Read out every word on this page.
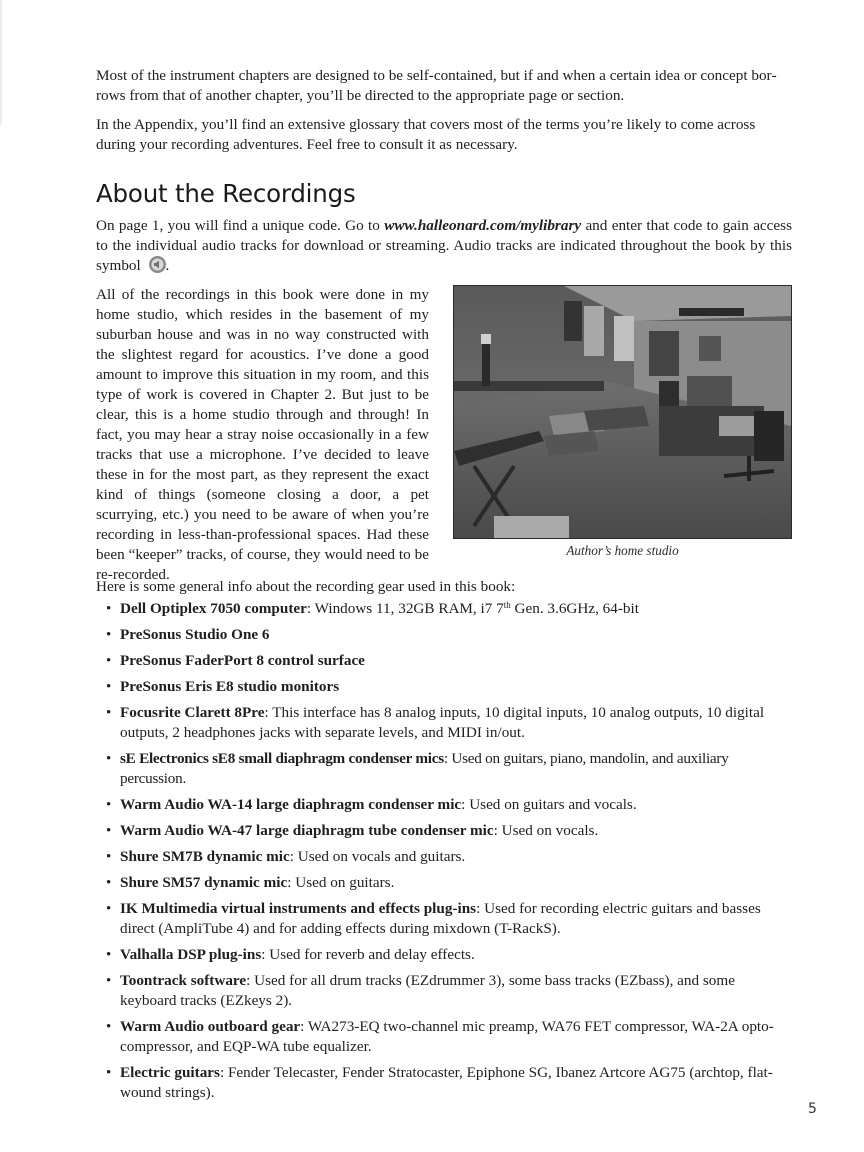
Most of the instrument chapters are designed to be self-contained, but if and when a certain idea or concept borrows from that of another chapter, you’ll be directed to the appropriate page or section.

In the Appendix, you’ll find an extensive glossary that covers most of the terms you’re likely to come across during your recording adventures. Feel free to consult it as necessary.

About the Recordings

On page 1, you will find a unique code. Go to www.halleonard.com/mylibrary and enter that code to gain access to the individual audio tracks for download or streaming. Audio tracks are indicated throughout the book by this symbol .

All of the recordings in this book were done in my home studio, which resides in the basement of my suburban house and was in no way constructed with the slightest regard for acoustics. I’ve done a good amount to improve this situation in my room, and this type of work is covered in Chapter 2. But just to be clear, this is a home studio through and through! In fact, you may hear a stray noise occasionally in a few tracks that use a microphone. I’ve decided to leave these in for the most part, as they represent the exact kind of things (someone closing a door, a pet scurrying, etc.) you need to be aware of when you’re recording in less-than-professional spaces. Had these been “keeper” tracks, of course, they would need to be re-recorded.
Author’s home studio

Here is some general info about the recording gear used in this book:

• Dell Optiplex 7050 computer: Windows 11, 32GB RAM, i7 7th Gen. 3.6GHz, 64-bit
• PreSonus Studio One 6
• PreSonus FaderPort 8 control surface
• PreSonus Eris E8 studio monitors
• Focusrite Clarett 8Pre: This interface has 8 analog inputs, 10 digital inputs, 10 analog outputs, 10 digital outputs, 2 headphones jacks with separate levels, and MIDI in/out.
• sE Electronics sE8 small diaphragm condenser mics: Used on guitars, piano, mandolin, and auxiliary percussion.
• Warm Audio WA-14 large diaphragm condenser mic: Used on guitars and vocals.
• Warm Audio WA-47 large diaphragm tube condenser mic: Used on vocals.
• Shure SM7B dynamic mic: Used on vocals and guitars.
• Shure SM57 dynamic mic: Used on guitars.
• IK Multimedia virtual instruments and effects plug-ins: Used for recording electric guitars and basses direct (AmpliTube 4) and for adding effects during mixdown (T-RackS).
• Valhalla DSP plug-ins: Used for reverb and delay effects.
• Toontrack software: Used for all drum tracks (EZdrummer 3), some bass tracks (EZbass), and some keyboard tracks (EZkeys 2).
• Warm Audio outboard gear: WA273-EQ two-channel mic preamp, WA76 FET compressor, WA-2A opto-compressor, and EQP-WA tube equalizer.
• Electric guitars: Fender Telecaster, Fender Stratocaster, Epiphone SG, Ibanez Artcore AG75 (archtop, flatwound strings).
5
